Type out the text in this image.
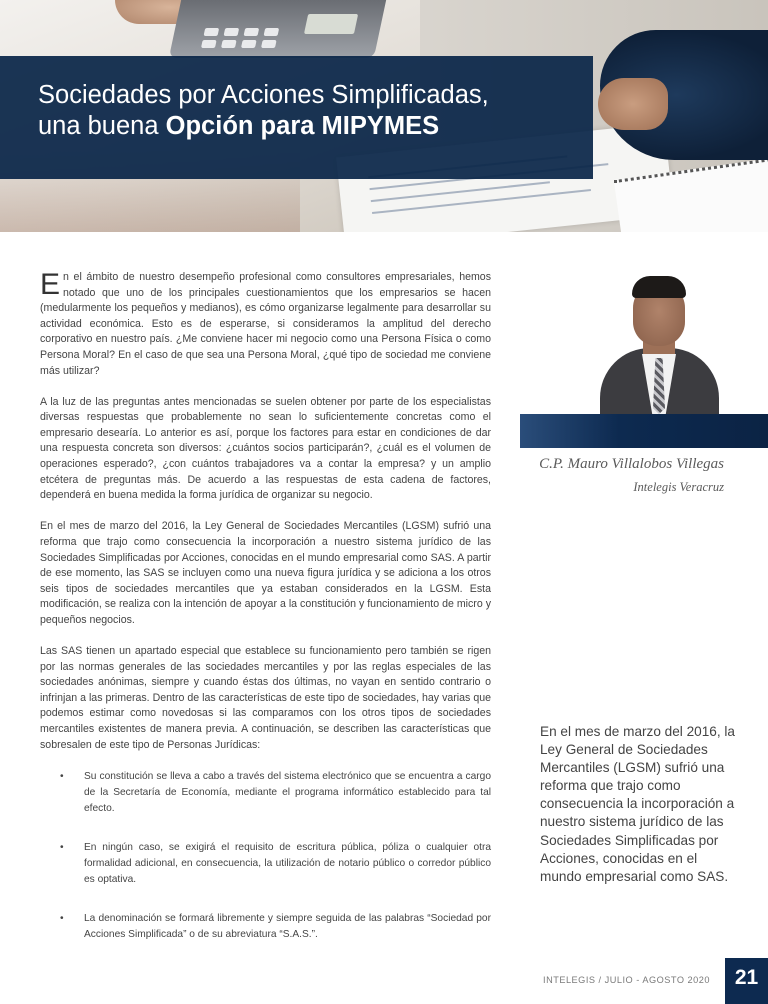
Sociedades por Acciones Simplificadas,
una buena Opción para MIPYMES

En el ámbito de nuestro desempeño profesional como consultores empresariales, hemos notado que uno de los principales cuestionamientos que los empresarios se hacen (medularmente los pequeños y medianos), es cómo organizarse legalmente para desarrollar su actividad económica. Esto es de esperarse, si consideramos la amplitud del derecho corporativo en nuestro país. ¿Me conviene hacer mi negocio como una Persona Física o como Persona Moral? En el caso de que sea una Persona Moral, ¿qué tipo de sociedad me conviene más utilizar?

A la luz de las preguntas antes mencionadas se suelen obtener por parte de los especialistas diversas respuestas que probablemente no sean lo suficientemente concretas como el empresario desearía. Lo anterior es así, porque los factores para estar en condiciones de dar una respuesta concreta son diversos: ¿cuántos socios participarán?, ¿cuál es el volumen de operaciones esperado?, ¿con cuántos trabajadores va a contar la empresa? y un amplio etcétera de preguntas más. De acuerdo a las respuestas de esta cadena de factores, dependerá en buena medida la forma jurídica de organizar su negocio.

En el mes de marzo del 2016, la Ley General de Sociedades Mercantiles (LGSM) sufrió una reforma que trajo como consecuencia la incorporación a nuestro sistema jurídico de las Sociedades Simplificadas por Acciones, conocidas en el mundo empresarial como SAS. A partir de ese momento, las SAS se incluyen como una nueva figura jurídica y se adiciona a los otros seis tipos de sociedades mercantiles que ya estaban considerados en la LGSM. Esta modificación, se realiza con la intención de apoyar a la constitución y funcionamiento de micro y pequeños negocios.

Las SAS tienen un apartado especial que establece su funcionamiento pero también se rigen por las normas generales de las sociedades mercantiles y por las reglas especiales de las sociedades anónimas, siempre y cuando éstas dos últimas, no vayan en sentido contrario o infrinjan a las primeras. Dentro de las características de este tipo de sociedades, hay varias que podemos estimar como novedosas si las comparamos con los otros tipos de sociedades mercantiles existentes de manera previa. A continuación, se describen las características que sobresalen de este tipo de Personas Jurídicas:

• Su constitución se lleva a cabo a través del sistema electrónico que se encuentra a cargo de la Secretaría de Economía, mediante el programa informático establecido para tal efecto.
• En ningún caso, se exigirá el requisito de escritura pública, póliza o cualquier otra formalidad adicional, en consecuencia, la utilización de notario público o corredor público es optativa.
• La denominación se formará libremente y siempre seguida de las palabras “Sociedad por Acciones Simplificada” o de su abreviatura “S.A.S.”.
C.P. Mauro Villalobos Villegas
Intelegis Veracruz
En el mes de marzo del 2016, la Ley General de Sociedades Mercantiles (LGSM) sufrió una reforma que trajo como consecuencia la incorporación a nuestro sistema jurídico de las Sociedades Simplificadas por Acciones, conocidas en el mundo empresarial como SAS.
INTELEGIS / JULIO - AGOSTO 2020	21
